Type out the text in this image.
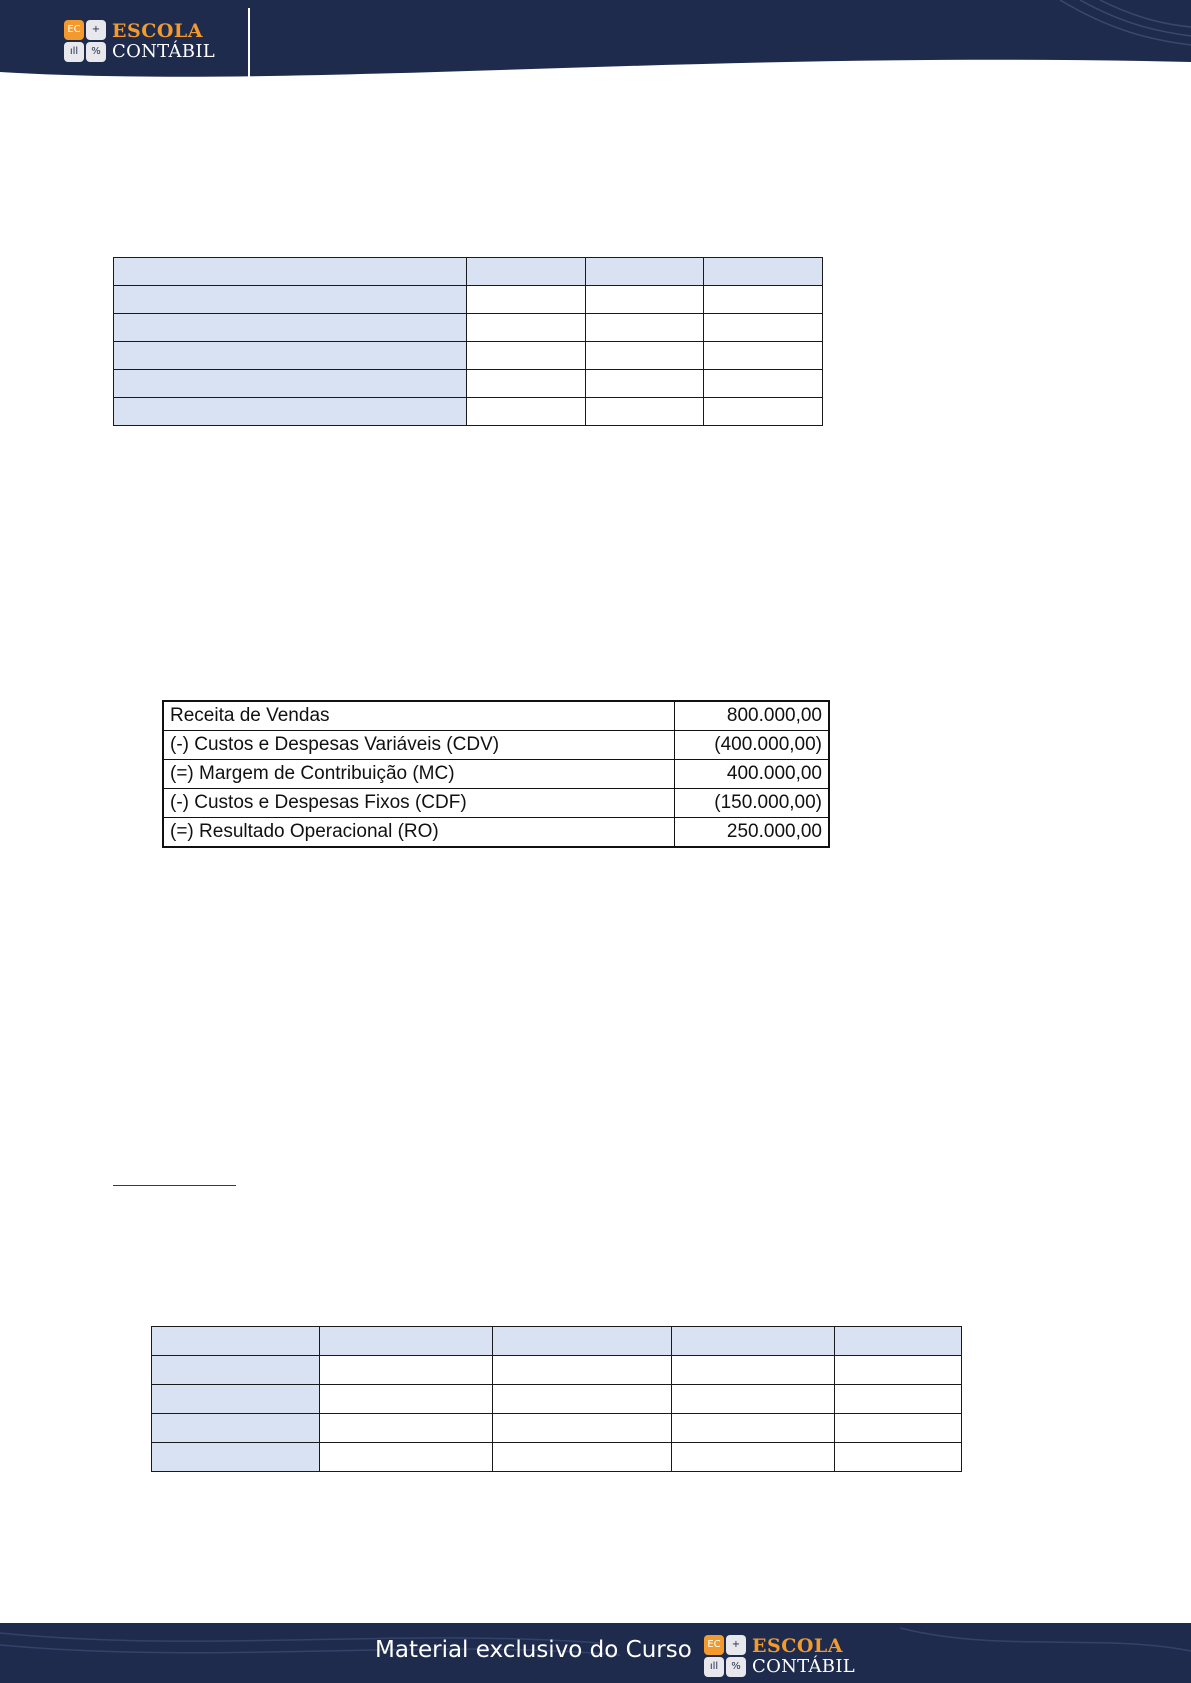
EC	+
ıll	%
ESCOLA
CONTÁBIL

Receita de Vendas	800.000,00
(-) Custos e Despesas Variáveis (CDV)	(400.000,00)
(=) Margem de Contribuição (MC)	400.000,00
(-) Custos e Despesas Fixos (CDF)	(150.000,00)
(=) Resultado Operacional (RO)	250.000,00

Material exclusivo do Curso	EC	+
ıll	%
ESCOLA
CONTÁBIL
